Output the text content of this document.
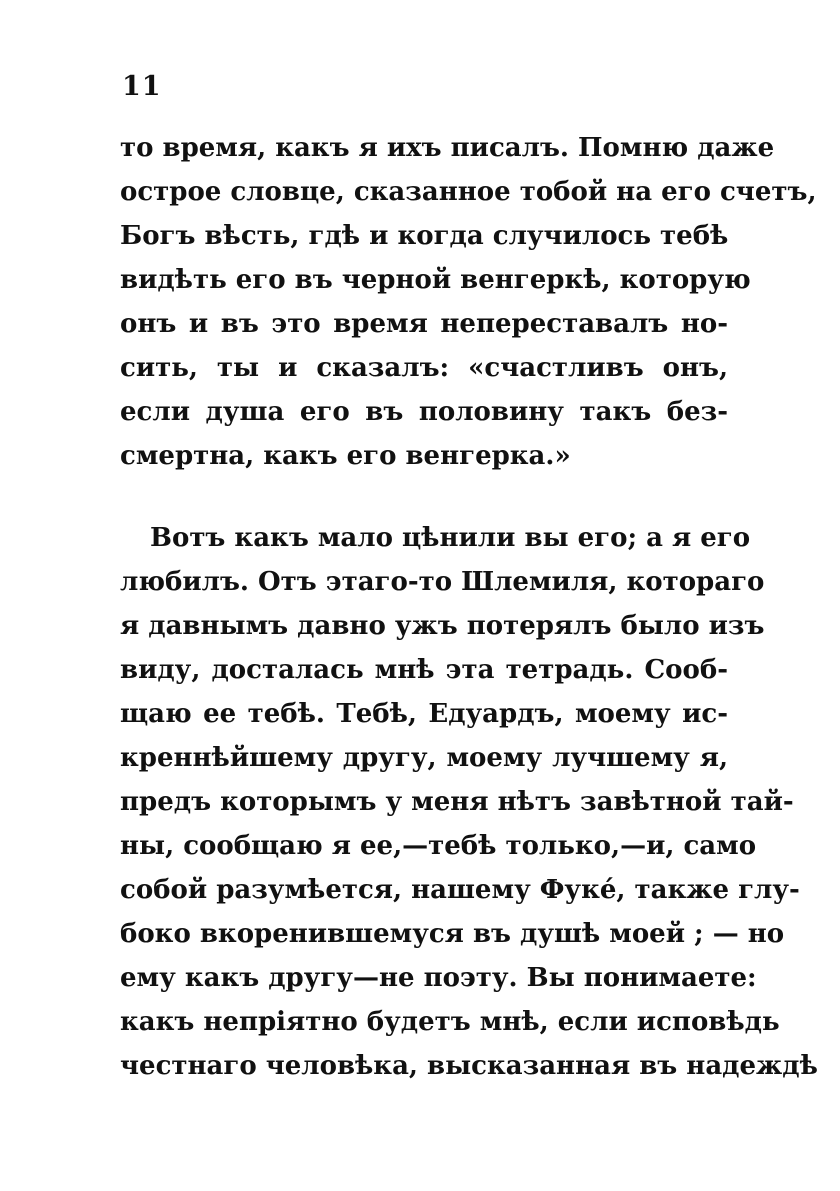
11
то время, какъ я ихъ писалъ. Помню даже
острое словце, сказанное тобой на его счетъ,
Богъ вѣсть, гдѣ и когда случилось тебѣ
видѣть его въ черной венгеркѣ, которую
онъ и въ это время непереставалъ но-
сить, ты и сказалъ: «счастливъ онъ,
если душа его въ половину такъ без-
смертна, какъ его венгерка.»
Вотъ какъ мало цѣнили вы его; а я его
любилъ. Отъ этаго-то Шлемиля, котораго
я давнымъ давно ужъ потерялъ было изъ
виду, досталась мнѣ эта тетрадь. Сооб-
щаю ее тебѣ. Тебѣ, Едуардъ, моему ис-
креннѣйшему другу, моему лучшему я,
предъ которымъ у меня нѣтъ завѣтной тай-
ны, сообщаю я ее,—тебѣ только,—и, само
собой разумѣется, нашему Фуке́, также глу-
боко вкоренившемуся въ душѣ моей ; — но
ему какъ другу—не поэту. Вы понимаете:
какъ непріятно будетъ мнѣ, если исповѣдь
честнаго человѣка, высказанная въ надеждѣ
